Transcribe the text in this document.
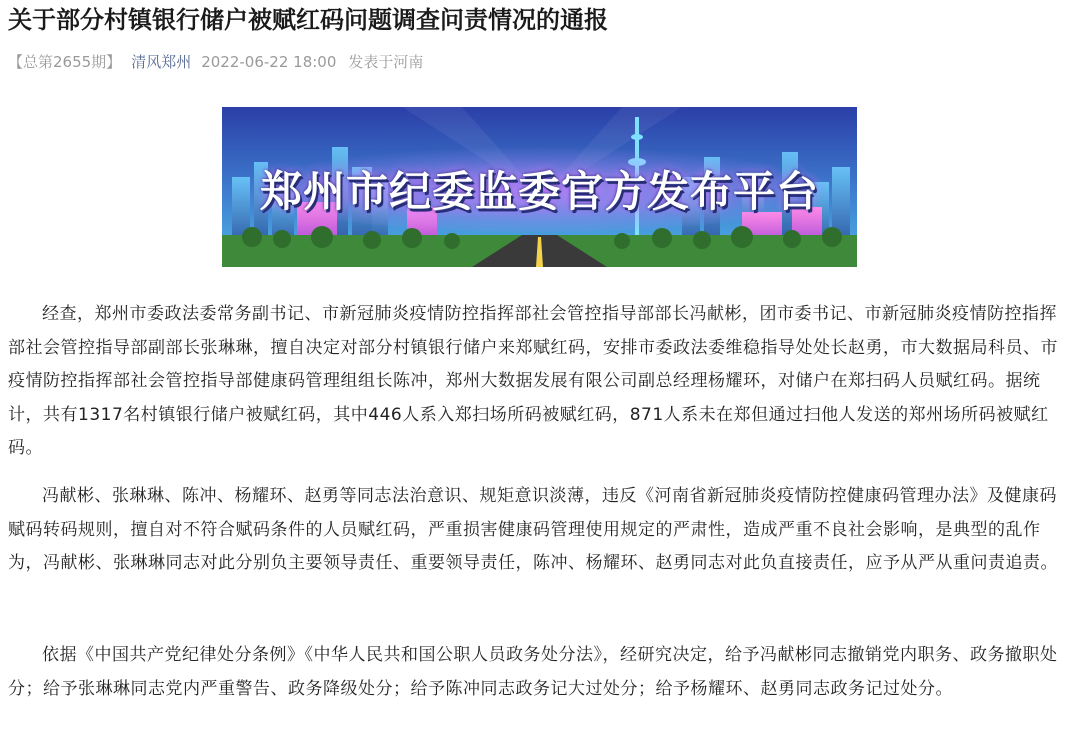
关于部分村镇银行储户被赋红码问题调查问责情况的通报
【总第2655期】 清风郑州 2022-06-22 18:00 发表于河南
郑州市纪委监委官方发布平台

经查，郑州市委政法委常务副书记、市新冠肺炎疫情防控指挥部社会管控指导部部长冯献彬，团市委书记、市新冠肺炎疫情防控指挥部社会管控指导部副部长张琳琳，擅自决定对部分村镇银行储户来郑赋红码，安排市委政法委维稳指导处处长赵勇，市大数据局科员、市疫情防控指挥部社会管控指导部健康码管理组组长陈冲，郑州大数据发展有限公司副总经理杨耀环，对储户在郑扫码人员赋红码。据统计，共有1317名村镇银行储户被赋红码，其中446人系入郑扫场所码被赋红码，871人系未在郑但通过扫他人发送的郑州场所码被赋红码。

冯献彬、张琳琳、陈冲、杨耀环、赵勇等同志法治意识、规矩意识淡薄，违反《河南省新冠肺炎疫情防控健康码管理办法》及健康码赋码转码规则，擅自对不符合赋码条件的人员赋红码，严重损害健康码管理使用规定的严肃性，造成严重不良社会影响，是典型的乱作为，冯献彬、张琳琳同志对此分别负主要领导责任、重要领导责任，陈冲、杨耀环、赵勇同志对此负直接责任，应予从严从重问责追责。

依据《中国共产党纪律处分条例》《中华人民共和国公职人员政务处分法》，经研究决定，给予冯献彬同志撤销党内职务、政务撤职处分；给予张琳琳同志党内严重警告、政务降级处分；给予陈冲同志政务记大过处分；给予杨耀环、赵勇同志政务记过处分。
